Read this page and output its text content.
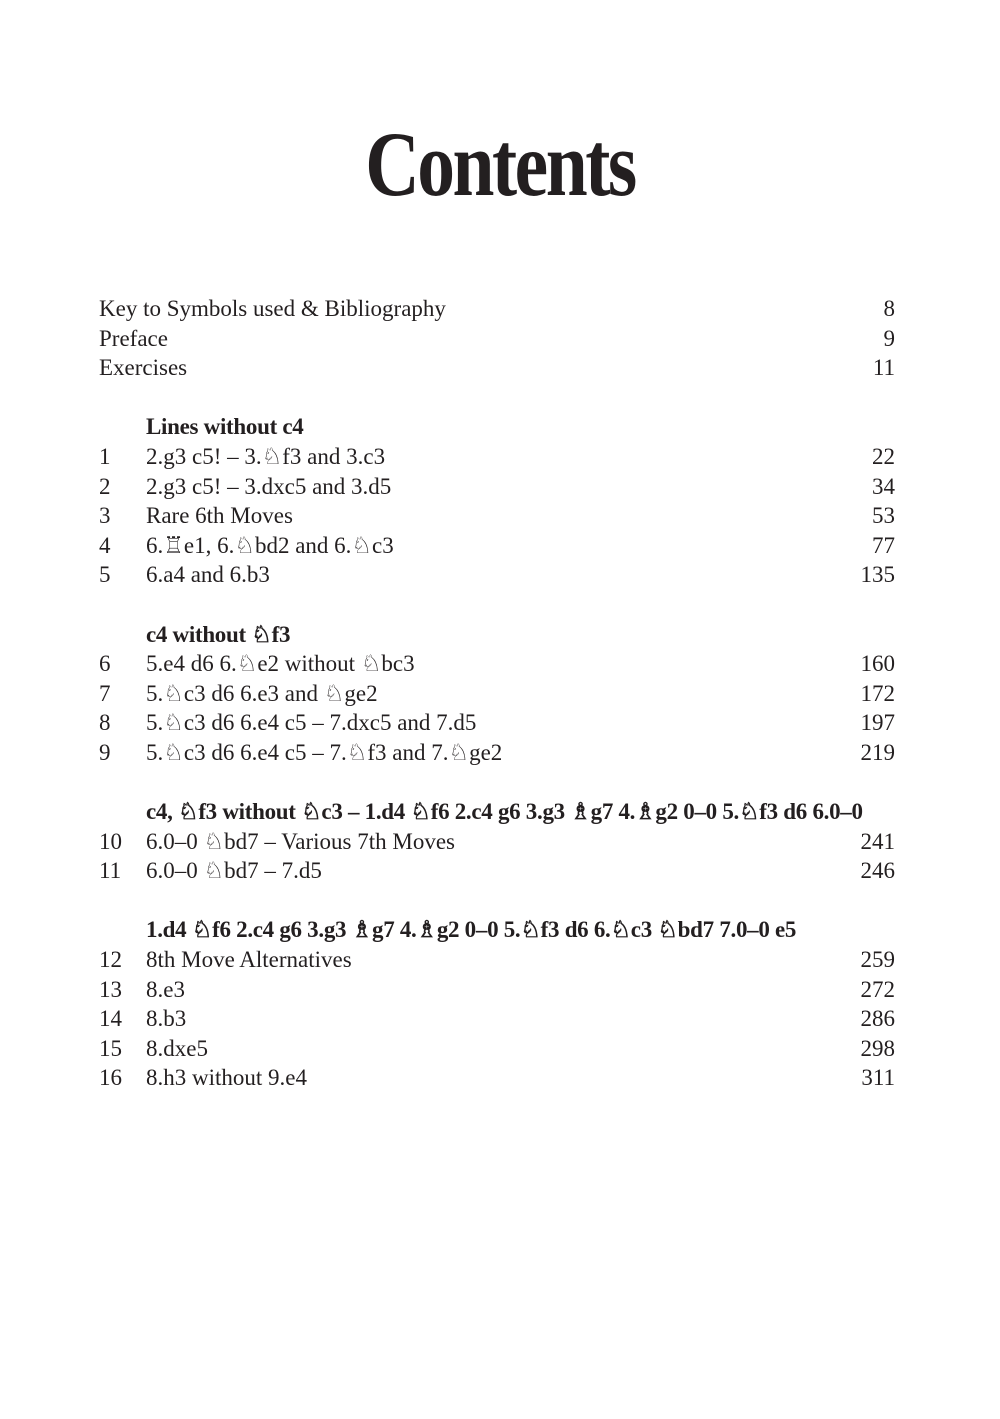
Contents
Key to Symbols used & Bibliography	8
Preface	9
Exercises	11
Lines without c4
1 2.g3 c5! – 3.♘f3 and 3.c3	22
2 2.g3 c5! – 3.dxc5 and 3.d5	34
3 Rare 6th Moves	53
4 6.♖e1, 6.♘bd2 and 6.♘c3	77
5 6.a4 and 6.b3	135
c4 without ♘f3
6 5.e4 d6 6.♘e2 without ♘bc3	160
7 5.♘c3 d6 6.e3 and ♘ge2	172
8 5.♘c3 d6 6.e4 c5 – 7.dxc5 and 7.d5	197
9 5.♘c3 d6 6.e4 c5 – 7.♘f3 and 7.♘ge2	219
c4, ♘f3 without ♘c3 – 1.d4 ♘f6 2.c4 g6 3.g3 ♗g7 4.♗g2 0–0 5.♘f3 d6 6.0–0
10 6.0–0 ♘bd7 – Various 7th Moves	241
11 6.0–0 ♘bd7 – 7.d5	246
1.d4 ♘f6 2.c4 g6 3.g3 ♗g7 4.♗g2 0–0 5.♘f3 d6 6.♘c3 ♘bd7 7.0–0 e5
12 8th Move Alternatives	259
13 8.e3	272
14 8.b3	286
15 8.dxe5	298
16 8.h3 without 9.e4	311
